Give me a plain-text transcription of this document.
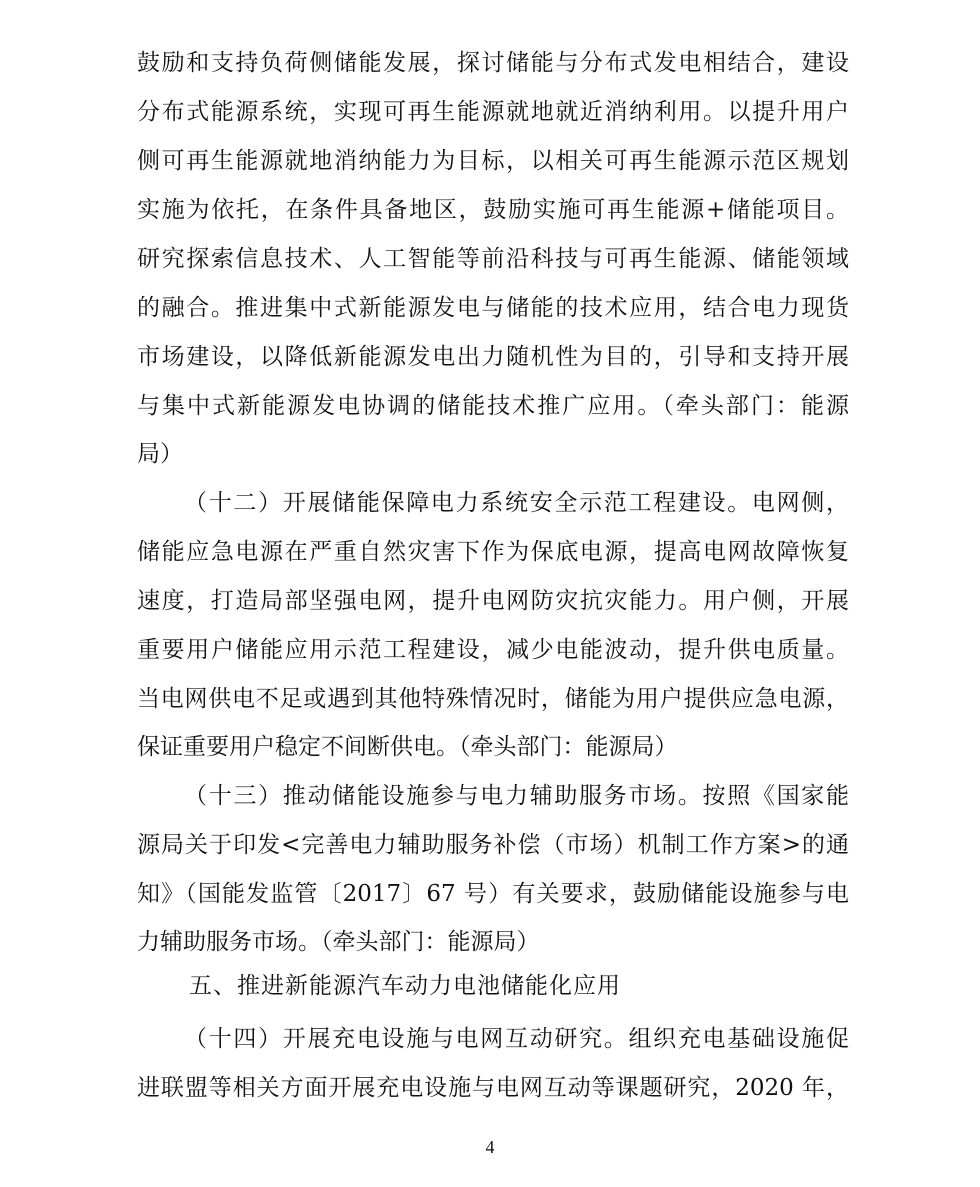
鼓励和支持负荷侧储能发展，探讨储能与分布式发电相结合，建设
分布式能源系统，实现可再生能源就地就近消纳利用。以提升用户
侧可再生能源就地消纳能力为目标，以相关可再生能源示范区规划
实施为依托，在条件具备地区，鼓励实施可再生能源+储能项目。
研究探索信息技术、人工智能等前沿科技与可再生能源、储能领域
的融合。推进集中式新能源发电与储能的技术应用，结合电力现货
市场建设，以降低新能源发电出力随机性为目的，引导和支持开展
与集中式新能源发电协调的储能技术推广应用。（牵头部门：能源
局）
（十二）开展储能保障电力系统安全示范工程建设。电网侧，
储能应急电源在严重自然灾害下作为保底电源，提高电网故障恢复
速度，打造局部坚强电网，提升电网防灾抗灾能力。用户侧，开展
重要用户储能应用示范工程建设，减少电能波动，提升供电质量。
当电网供电不足或遇到其他特殊情况时，储能为用户提供应急电源，
保证重要用户稳定不间断供电。（牵头部门：能源局）
（十三）推动储能设施参与电力辅助服务市场。按照《国家能
源局关于印发<完善电力辅助服务补偿（市场）机制工作方案>的通
知》（国能发监管〔2017〕67 号）有关要求，鼓励储能设施参与电
力辅助服务市场。（牵头部门：能源局）
五、推进新能源汽车动力电池储能化应用
（十四）开展充电设施与电网互动研究。组织充电基础设施促
进联盟等相关方面开展充电设施与电网互动等课题研究，2020 年，
4
